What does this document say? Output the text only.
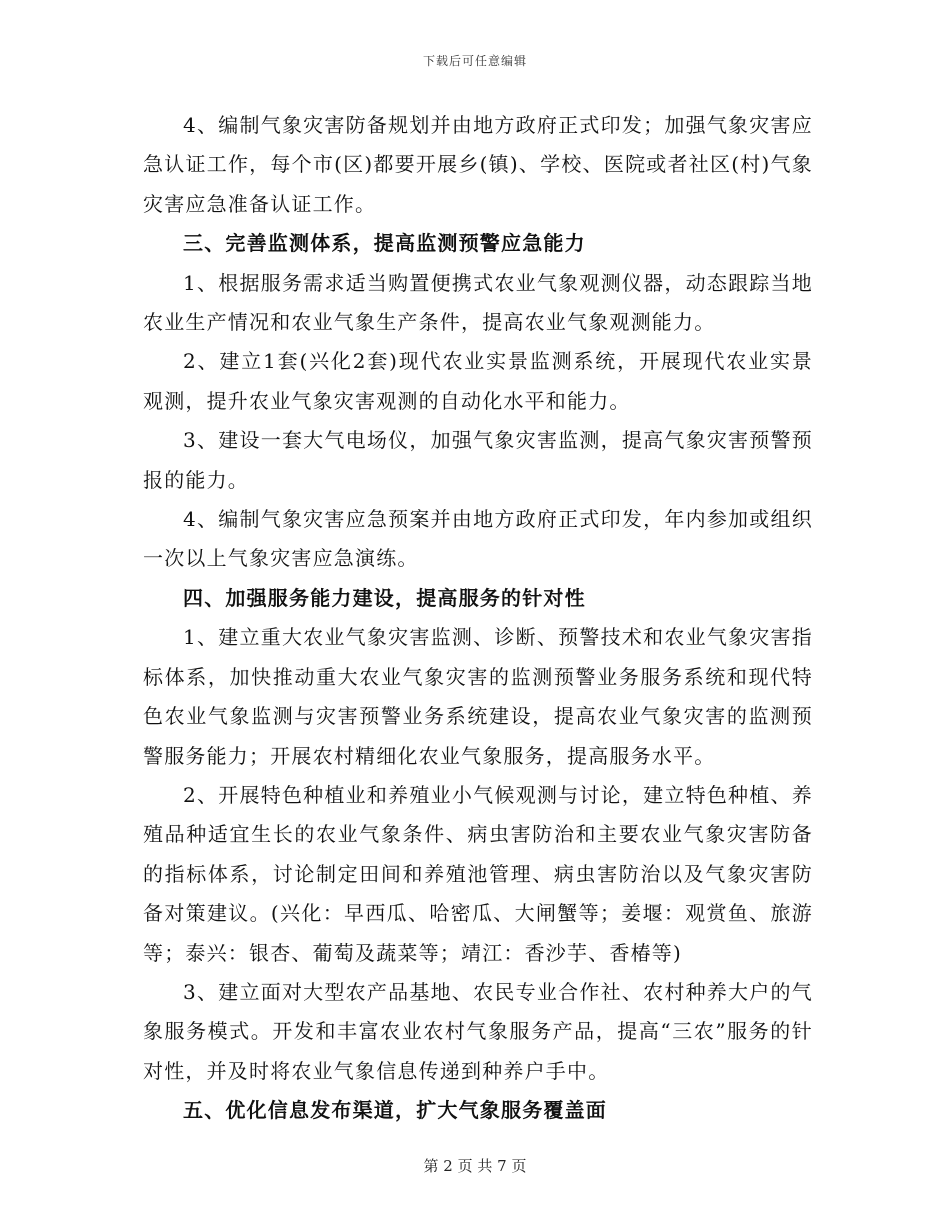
下载后可任意编辑

4、编制气象灾害防备规划并由地方政府正式印发；加强气象灾害应急认证工作，每个市(区)都要开展乡(镇)、学校、医院或者社区(村)气象灾害应急准备认证工作。

三、完善监测体系，提高监测预警应急能力

1、根据服务需求适当购置便携式农业气象观测仪器，动态跟踪当地农业生产情况和农业气象生产条件，提高农业气象观测能力。

2、建立1套(兴化2套)现代农业实景监测系统，开展现代农业实景观测，提升农业气象灾害观测的自动化水平和能力。

3、建设一套大气电场仪，加强气象灾害监测，提高气象灾害预警预报的能力。

4、编制气象灾害应急预案并由地方政府正式印发，年内参加或组织一次以上气象灾害应急演练。

四、加强服务能力建设，提高服务的针对性

1、建立重大农业气象灾害监测、诊断、预警技术和农业气象灾害指标体系，加快推动重大农业气象灾害的监测预警业务服务系统和现代特色农业气象监测与灾害预警业务系统建设，提高农业气象灾害的监测预警服务能力；开展农村精细化农业气象服务，提高服务水平。

2、开展特色种植业和养殖业小气候观测与讨论，建立特色种植、养殖品种适宜生长的农业气象条件、病虫害防治和主要农业气象灾害防备的指标体系，讨论制定田间和养殖池管理、病虫害防治以及气象灾害防备对策建议。(兴化：早西瓜、哈密瓜、大闸蟹等；姜堰：观赏鱼、旅游等；泰兴：银杏、葡萄及蔬菜等；靖江：香沙芋、香椿等)

3、建立面对大型农产品基地、农民专业合作社、农村种养大户的气象服务模式。开发和丰富农业农村气象服务产品，提高“三农”服务的针对性，并及时将农业气象信息传递到种养户手中。

五、优化信息发布渠道，扩大气象服务覆盖面

第 2 页 共 7 页
